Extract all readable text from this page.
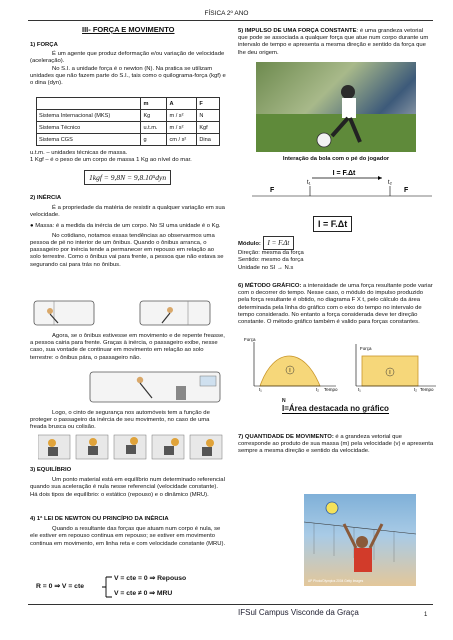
FÍSICA 2º ANO
III- FORÇA E MOVIMENTO

1) FORÇA

É um agente que produz deformação e/ou variação de velocidade (aceleração).

No S.I. a unidade força é o newton (N). Na pratica se utilizam unidades que não fazem parte do S.I., tais como o quilograma-força (kgf) e o dina (dyn).

	m	A	F
Sistema Internacional (MKS)	Kg	m / s²	N
Sistema Técnico	u.t.m.	m / s²	Kgf
Sistema CGS	g	cm / s²	Dina

u.t.m. – unidades técnicas de massa.

1 Kgf – é o peso de um corpo de massa 1 Kg ao nível do mar.

1kgf = 9,8N = 9,8.10⁵dyn

2) INÉRCIA

É a propriedade da matéria de resistir a qualquer variação em sua velocidade.

● Massa: é a medida da inércia de um corpo. No SI uma unidade é o Kg.

No cotidiano, notamos essas tendências ao observarmos uma pessoa de pé no interior de um ônibus. Quando o ônibus arranca, o passageiro por inércia tende a permanecer em repouso em relação ao solo terrestre. Como o ônibus vai para frente, a pessoa que não estava se segurando cai para trás no ônibus.

Agora, se o ônibus estivesse em movimento e de repente freasse, a pessoa cairia para frente. Graças à inércia, o passageiro exibe, nesse caso, sua vontade de continuar em movimento em relação ao solo terrestre: o ônibus pára, o passageiro não.

Logo, o cinto de segurança nos automóveis tem a função de proteger o passageiro da inércia de seu movimento, no caso de uma freada brusca ou colisão.

3) EQUILÍBRIO

Um ponto material está em equilíbrio num determinado referencial quando sua aceleração é nula nesse referencial (velocidade constante). Há dois tipos de equilíbrio: o estático (repouso) e o dinâmico (MRU).

4) 1ª LEI DE NEWTON OU PRINCÍPIO DA INÉRCIA

Quando a resultante das forças que atuam num corpo é nula, se ele estiver em repouso continua em repouso; se estiver em movimento continua em movimento, em linha reta e com velocidade constante (MRU).

R = 0 ⇒ V = cte
V = cte = 0 ⇒ Repouso
V = cte ≠ 0 ⇒ MRU

5) IMPULSO DE UMA FORÇA CONSTANTE: é uma grandeza vetorial que pode se associada a qualquer força que atue num corpo durante um intervalo de tempo e apresenta a mesma direção e sentido da força que lhe deu origem.

Interação da bola com o pé do jogador
I = F.Δt
t₁	t₂
F	F
I = F.Δt

Módulo: I = F.Δt

Direção: mesma da força

Sentido: mesmo da força

Unidade no SI → N.s

6) MÉTODO GRÁFICO: a intensidade de uma força resultante pode variar com o decorrer do tempo. Nesse caso, o módulo do impulso produzido pela força resultante é obtido, no diagrama F X t, pelo cálculo da área determinada pela linha do gráfico com o eixo do tempo no intervalo de tempo considerado. No entanto a força considerada deve ter direção constante. O método gráfico também é valido para forças constantes.

Força
Tempo
t₁	t₂
I
Força
Tempo
t₁	t₂
I
N
I=Área destacada no gráfico

7) QUANTIDADE DE MOVIMENTO: é a grandeza vetorial que corresponde ao produto de sua massa (m) pela velocidade (v) e apresenta sempre a mesma direção e sentido da velocidade.

AP Photo/Olympics 2004 Getty Images
IFSul Campus Visconde da Graça	1
